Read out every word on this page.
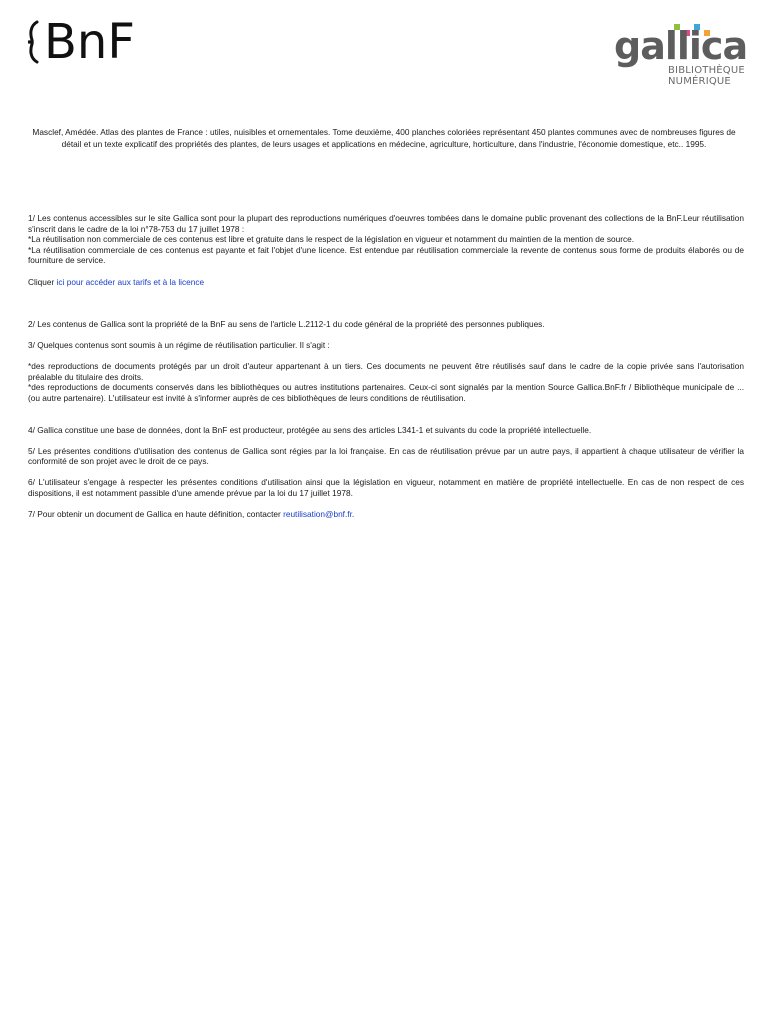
BnF	gallica
BIBLIOTHÈQUE
NUMÉRIQUE
Masclef, Amédée. Atlas des plantes de France : utiles, nuisibles et ornementales. Tome deuxième, 400 planches coloriées représentant 450 plantes communes avec de nombreuses figures de détail et un texte explicatif des propriétés des plantes, de leurs usages et applications en médecine, agriculture, horticulture, dans l'industrie, l'économie domestique, etc.. 1995.

1/ Les contenus accessibles sur le site Gallica sont pour la plupart des reproductions numériques d'oeuvres tombées dans le domaine public provenant des collections de la BnF.Leur réutilisation s'inscrit dans le cadre de la loi n°78-753 du 17 juillet 1978 :

*La réutilisation non commerciale de ces contenus est libre et gratuite dans le respect de la législation en vigueur et notamment du maintien de la mention de source.

*La réutilisation commerciale de ces contenus est payante et fait l'objet d'une licence. Est entendue par réutilisation commerciale la revente de contenus sous forme de produits élaborés ou de fourniture de service.

Cliquer ici pour accéder aux tarifs et à la licence

2/ Les contenus de Gallica sont la propriété de la BnF au sens de l'article L.2112-1 du code général de la propriété des personnes publiques.

3/ Quelques contenus sont soumis à un régime de réutilisation particulier. Il s'agit :

*des reproductions de documents protégés par un droit d'auteur appartenant à un tiers. Ces documents ne peuvent être réutilisés sauf dans le cadre de la copie privée sans l'autorisation préalable du titulaire des droits.

*des reproductions de documents conservés dans les bibliothèques ou autres institutions partenaires. Ceux-ci sont signalés par la mention Source Gallica.BnF.fr / Bibliothèque municipale de ... (ou autre partenaire). L'utilisateur est invité à s'informer auprès de ces bibliothèques de leurs conditions de réutilisation.

4/ Gallica constitue une base de données, dont la BnF est producteur, protégée au sens des articles L341-1 et suivants du code la propriété intellectuelle.

5/ Les présentes conditions d'utilisation des contenus de Gallica sont régies par la loi française. En cas de réutilisation prévue par un autre pays, il appartient à chaque utilisateur de vérifier la conformité de son projet avec le droit de ce pays.

6/ L'utilisateur s'engage à respecter les présentes conditions d'utilisation ainsi que la législation en vigueur, notamment en matière de propriété intellectuelle. En cas de non respect de ces dispositions, il est notamment passible d'une amende prévue par la loi du 17 juillet 1978.

7/ Pour obtenir un document de Gallica en haute définition, contacter reutilisation@bnf.fr.
